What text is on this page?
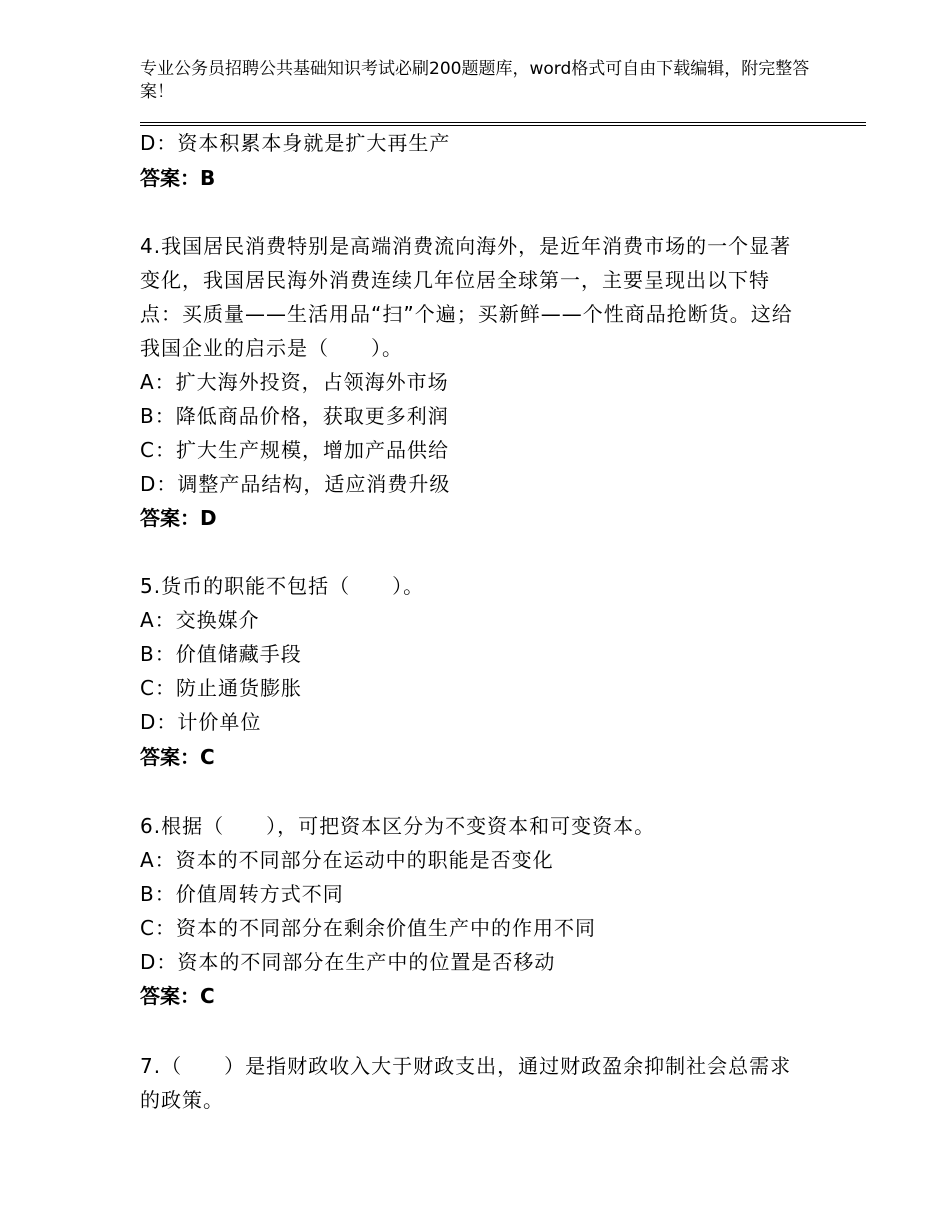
专业公务员招聘公共基础知识考试必刷200题题库，word格式可自由下载编辑，附完整答案！
D：资本积累本身就是扩大再生产
答案：B
4.我国居民消费特别是高端消费流向海外，是近年消费市场的一个显著变化，我国居民海外消费连续几年位居全球第一，主要呈现出以下特点：买质量——生活用品“扫”个遍；买新鲜——个性商品抢断货。这给我国企业的启示是（　　）。
A：扩大海外投资，占领海外市场
B：降低商品价格，获取更多利润
C：扩大生产规模，增加产品供给
D：调整产品结构，适应消费升级
答案：D
5.货币的职能不包括（　　）。
A：交换媒介
B：价值储藏手段
C：防止通货膨胀
D：计价单位
答案：C
6.根据（　　），可把资本区分为不变资本和可变资本。
A：资本的不同部分在运动中的职能是否变化
B：价值周转方式不同
C：资本的不同部分在剩余价值生产中的作用不同
D：资本的不同部分在生产中的位置是否移动
答案：C
7.（　　）是指财政收入大于财政支出，通过财政盈余抑制社会总需求的政策。
